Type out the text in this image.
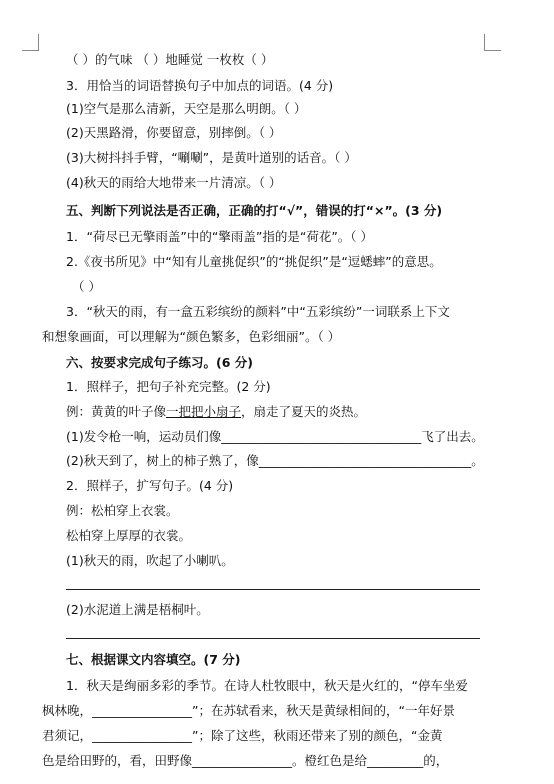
（ ）的气味 （ ）地睡觉 一枚枚（ ）
3．用恰当的词语替换句子中加点的词语。(4 分)
(1)空气是那么清新，天空是那么明朗。（ ）
(2)天黑路滑，你要留意，别摔倒。（ ）
(3)大树抖抖手臂，“唰唰”，是黄叶道别的话音。（ ）
(4)秋天的雨给大地带来一片清凉。（ ）
五、判断下列说法是否正确，正确的打“√”，错误的打“×”。(3 分)
1．“荷尽已无擎雨盖”中的“擎雨盖”指的是“荷花”。（ ）
2.《夜书所见》中“知有儿童挑促织”的“挑促织”是“逗蟋蟀”的意思。
（ ）
3．“秋天的雨，有一盒五彩缤纷的颜料”中“五彩缤纷”一词联系上下文
和想象画面，可以理解为“颜色繁多，色彩细丽”。（ ）
六、按要求完成句子练习。(6 分)
1．照样子，把句子补充完整。(2 分)
例：黄黄的叶子像一把把小扇子，扇走了夏天的炎热。
(1)发令枪一响，运动员们像________________________________飞了出去。
(2)秋天到了，树上的柿子熟了，像__________________________________。
2．照样子，扩写句子。(4 分)
例：松柏穿上衣裳。
松柏穿上厚厚的衣裳。
(1)秋天的雨，吹起了小喇叭。
(2)水泥道上满是梧桐叶。
七、根据课文内容填空。(7 分)
1．秋天是绚丽多彩的季节。在诗人杜牧眼中，秋天是火红的，“停车坐爱
枫林晚，________________”；在苏轼看来，秋天是黄绿相间的，“一年好景
君须记，________________”；除了这些，秋雨还带来了别的颜色，“金黄
色是给田野的，看，田野像________________。橙红色是给_________的，
